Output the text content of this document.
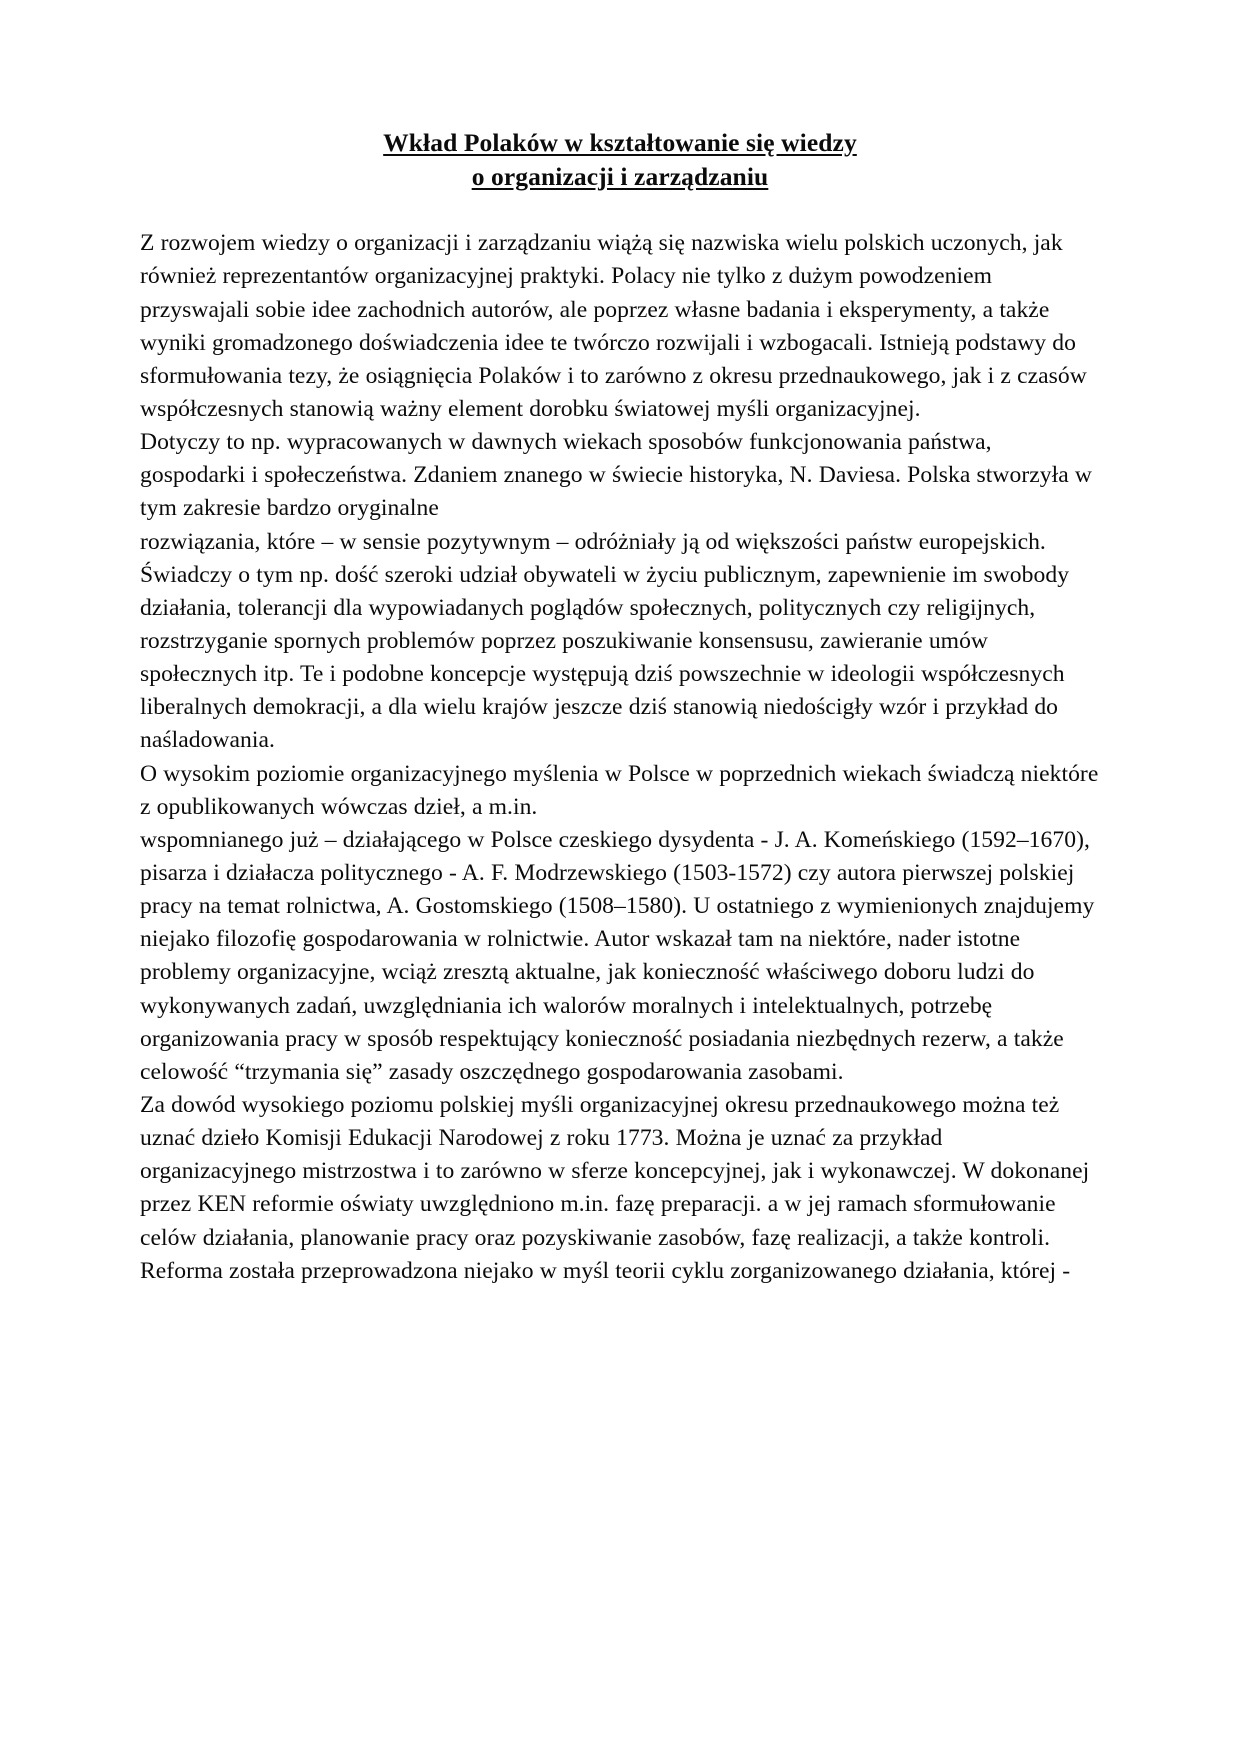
Wkład Polaków w kształtowanie się wiedzy
o organizacji i zarządzaniu

Z rozwojem wiedzy o organizacji i zarządzaniu wiążą się nazwiska wielu polskich uczonych, jak również reprezentantów organizacyjnej praktyki. Polacy nie tylko z dużym powodzeniem przyswajali sobie idee zachodnich autorów, ale poprzez własne badania i eksperymenty, a także wyniki gromadzonego doświadczenia idee te twórczo rozwijali i wzbogacali. Istnieją podstawy do sformułowania tezy, że osiągnięcia Polaków i to zarówno z okresu przednaukowego, jak i z czasów współczesnych stanowią ważny element dorobku światowej myśli organizacyjnej.

Dotyczy to np. wypracowanych w dawnych wiekach sposobów funkcjonowania państwa, gospodarki i społeczeństwa. Zdaniem znanego w świecie historyka, N. Daviesa. Polska stworzyła w tym zakresie bardzo oryginalne

rozwiązania, które – w sensie pozytywnym – odróżniały ją od większości państw europejskich.

Świadczy o tym np. dość szeroki udział obywateli w życiu publicznym, zapewnienie im swobody działania, tolerancji dla wypowiadanych poglądów społecznych, politycznych czy religijnych, rozstrzyganie spornych problemów poprzez poszukiwanie konsensusu, zawieranie umów społecznych itp. Te i podobne koncepcje występują dziś powszechnie w ideologii współczesnych liberalnych demokracji, a dla wielu krajów jeszcze dziś stanowią niedościgły wzór i przykład do naśladowania.

O wysokim poziomie organizacyjnego myślenia w Polsce w poprzednich wiekach świadczą niektóre z opublikowanych wówczas dzieł, a m.in.

wspomnianego już – działającego w Polsce czeskiego dysydenta - J. A. Komeńskiego (1592–1670), pisarza i działacza politycznego - A. F. Modrzewskiego (1503-1572) czy autora pierwszej polskiej pracy na temat rolnictwa, A. Gostomskiego (1508–1580). U ostatniego z wymienionych znajdujemy niejako filozofię gospodarowania w rolnictwie. Autor wskazał tam na niektóre, nader istotne problemy organizacyjne, wciąż zresztą aktualne, jak konieczność właściwego doboru ludzi do wykonywanych zadań, uwzględniania ich walorów moralnych i intelektualnych, potrzebę organizowania pracy w sposób respektujący konieczność posiadania niezbędnych rezerw, a także celowość “trzymania się” zasady oszczędnego gospodarowania zasobami.

Za dowód wysokiego poziomu polskiej myśli organizacyjnej okresu przednaukowego można też uznać dzieło Komisji Edukacji Narodowej z roku 1773. Można je uznać za przykład organizacyjnego mistrzostwa i to zarówno w sferze koncepcyjnej, jak i wykonawczej. W dokonanej przez KEN reformie oświaty uwzględniono m.in. fazę preparacji. a w jej ramach sformułowanie celów działania, planowanie pracy oraz pozyskiwanie zasobów, fazę realizacji, a także kontroli. Reforma została przeprowadzona niejako w myśl teorii cyklu zorganizowanego działania, której -
